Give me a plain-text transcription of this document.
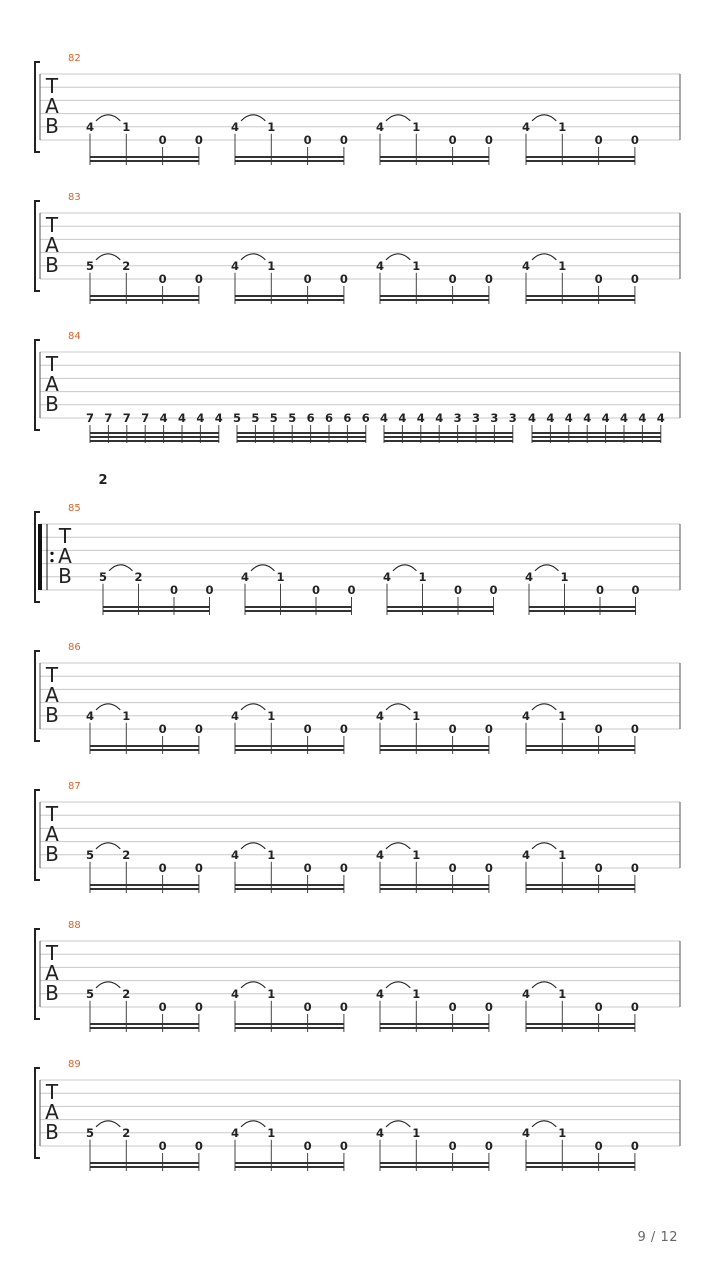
82
T
A
B 4 1
0 0
4 1
0 0
4 1
0 0
4 1
0 0
83
T
A
B 5 2
0 0
4 1
0 0
4 1
0 0
4 1
0 0
84
T
A
B
7 7 7 7 4 4 4 4 5 5 5 5 6 6 6 6 4 4 4 4 3 3 3 3 4 4 4 4 4 4 4 4
85
T
A
B
2
5 2
0 0
4 1
0 0
4 1
0 0
4 1
0 0
86
T
A
B 4 1
0 0
4 1
0 0
4 1
0 0
4 1
0 0
87
T
A
B 5 2
0 0
4 1
0 0
4 1
0 0
4 1
0 0
88
T
A
B 5 2
0 0
4 1
0 0
4 1
0 0
4 1
0 0
89
T
A
B 5 2
0 0
4 1
0 0
4 1
0 0
4 1
0 0
9 / 12
